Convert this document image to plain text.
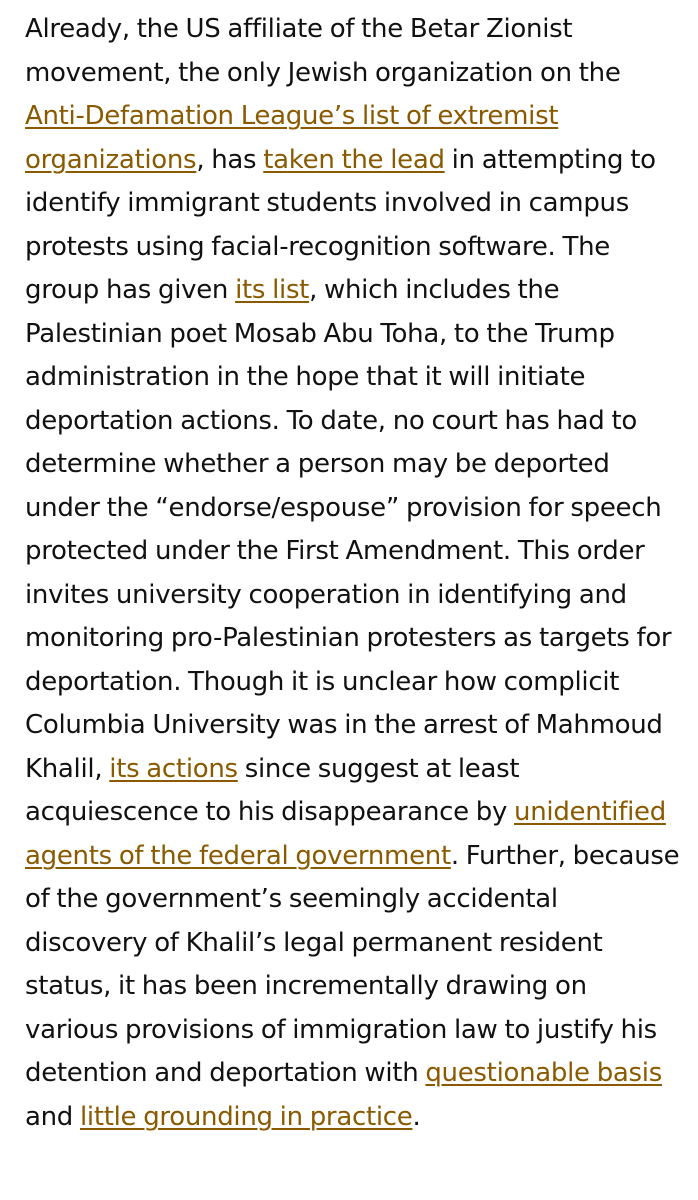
Already, the US affiliate of the Betar Zionist movement, the only Jewish organization on the Anti-Defamation League’s list of extremist organizations, has taken the lead in attempting to identify immigrant students involved in campus protests using facial-recognition software. The group has given its list, which includes the Palestinian poet Mosab Abu Toha, to the Trump administration in the hope that it will initiate deportation actions. To date, no court has had to determine whether a person may be deported under the “endorse/espouse” provision for speech protected under the First Amendment. This order invites university cooperation in identifying and monitoring pro-Palestinian protesters as targets for deportation. Though it is unclear how complicit Columbia University was in the arrest of Mahmoud Khalil, its actions since suggest at least acquiescence to his disappearance by unidentified agents of the federal government. Further, because of the government’s seemingly accidental discovery of Khalil’s legal permanent resident status, it has been incrementally drawing on various provisions of immigration law to justify his detention and deportation with questionable basis and little grounding in practice.
